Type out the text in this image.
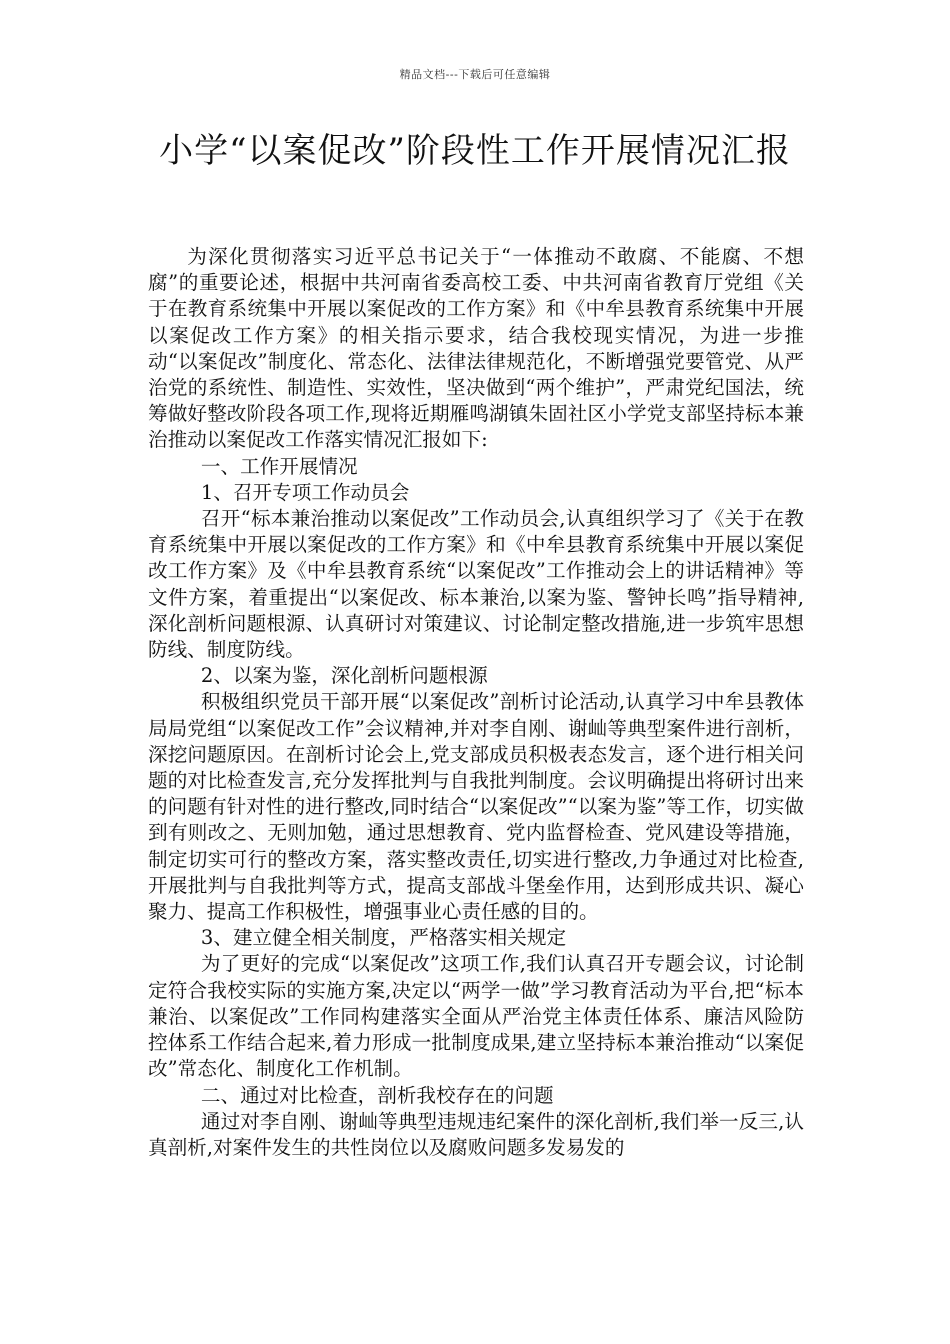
精品文档---下载后可任意编辑
小学“以案促改”阶段性工作开展情况汇报

为深化贯彻落实习近平总书记关于“一体推动不敢腐、不能腐、不想腐”的重要论述，根据中共河南省委高校工委、中共河南省教育厅党组《关于在教育系统集中开展以案促改的工作方案》和《中牟县教育系统集中开展以案促改工作方案》的相关指示要求，结合我校现实情况，为进一步推动“以案促改”制度化、常态化、法律法律规范化，不断增强党要管党、从严治党的系统性、制造性、实效性，坚决做到“两个维护”，严肃党纪国法，统筹做好整改阶段各项工作,现将近期雁鸣湖镇朱固社区小学党支部坚持标本兼治推动以案促改工作落实情况汇报如下:

一、工作开展情况

1、召开专项工作动员会

召开“标本兼治推动以案促改”工作动员会,认真组织学习了《关于在教育系统集中开展以案促改的工作方案》和《中牟县教育系统集中开展以案促改工作方案》及《中牟县教育系统“以案促改”工作推动会上的讲话精神》等文件方案，着重提出“以案促改、标本兼治,以案为鉴、警钟长鸣”指导精神,深化剖析问题根源、认真研讨对策建议、讨论制定整改措施,进一步筑牢思想防线、制度防线。

2、以案为鉴，深化剖析问题根源

积极组织党员干部开展“以案促改”剖析讨论活动,认真学习中牟县教体局局党组“以案促改工作”会议精神,并对李自刚、谢屾等典型案件进行剖析，深挖问题原因。在剖析讨论会上,党支部成员积极表态发言，逐个进行相关问题的对比检查发言,充分发挥批判与自我批判制度。会议明确提出将研讨出来的问题有针对性的进行整改,同时结合“以案促改”“以案为鉴”等工作，切实做到有则改之、无则加勉，通过思想教育、党内监督检查、党风建设等措施，制定切实可行的整改方案，落实整改责任,切实进行整改,力争通过对比检查,开展批判与自我批判等方式，提高支部战斗堡垒作用，达到形成共识、凝心聚力、提高工作积极性，增强事业心责任感的目的。

3、建立健全相关制度，严格落实相关规定

为了更好的完成“以案促改”这项工作,我们认真召开专题会议，讨论制定符合我校实际的实施方案,决定以“两学一做”学习教育活动为平台,把“标本兼治、以案促改”工作同构建落实全面从严治党主体责任体系、廉洁风险防控体系工作结合起来,着力形成一批制度成果,建立坚持标本兼治推动“以案促改”常态化、制度化工作机制。

二、通过对比检查，剖析我校存在的问题

通过对李自刚、谢屾等典型违规违纪案件的深化剖析,我们举一反三,认真剖析,对案件发生的共性岗位以及腐败问题多发易发的
